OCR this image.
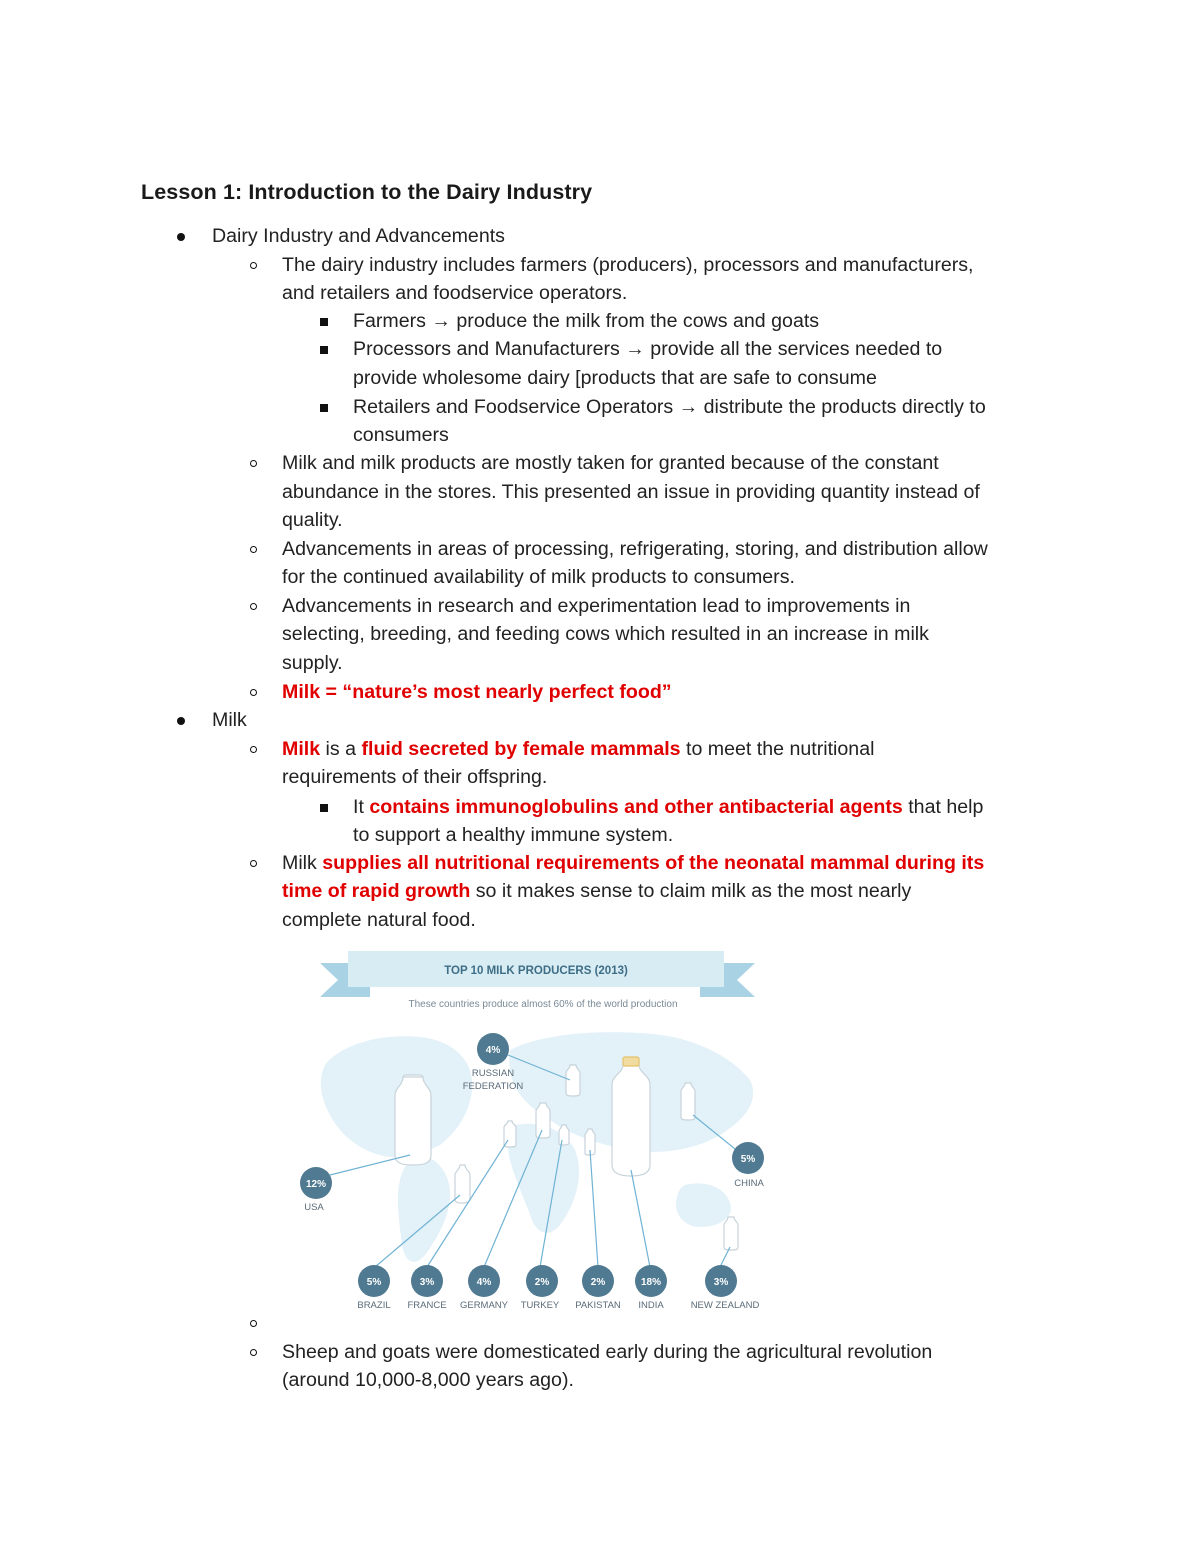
Lesson 1: Introduction to the Dairy Industry
Dairy Industry and Advancements
The dairy industry includes farmers (producers), processors and manufacturers,
and retailers and foodservice operators.
Farmers → produce the milk from the cows and goats
Processors and Manufacturers → provide all the services needed to
provide wholesome dairy [products that are safe to consume
Retailers and Foodservice Operators → distribute the products directly to
consumers
Milk and milk products are mostly taken for granted because of the constant
abundance in the stores. This presented an issue in providing quantity instead of
quality.
Advancements in areas of processing, refrigerating, storing, and distribution allow
for the continued availability of milk products to consumers.
Advancements in research and experimentation lead to improvements in
selecting, breeding, and feeding cows which resulted in an increase in milk
supply.
Milk = “nature’s most nearly perfect food”
Milk
Milk is a fluid secreted by female mammals to meet the nutritional
requirements of their offspring.
It contains immunoglobulins and other antibacterial agents that help
to support a healthy immune system.
Milk supplies all nutritional requirements of the neonatal mammal during its
time of rapid growth so it makes sense to claim milk as the most nearly
complete natural food.
TOP 10 MILK PRODUCERS (2013)
These countries produce almost 60% of the world production
12%
USA
4%
RUSSIAN
FEDERATION
5%
CHINA
5%
BRAZIL
3%
FRANCE
4%
GERMANY
2%
TURKEY
2%
PAKISTAN
18%
INDIA
3%
NEW ZEALAND
Sheep and goats were domesticated early during the agricultural revolution
(around 10,000-8,000 years ago).
